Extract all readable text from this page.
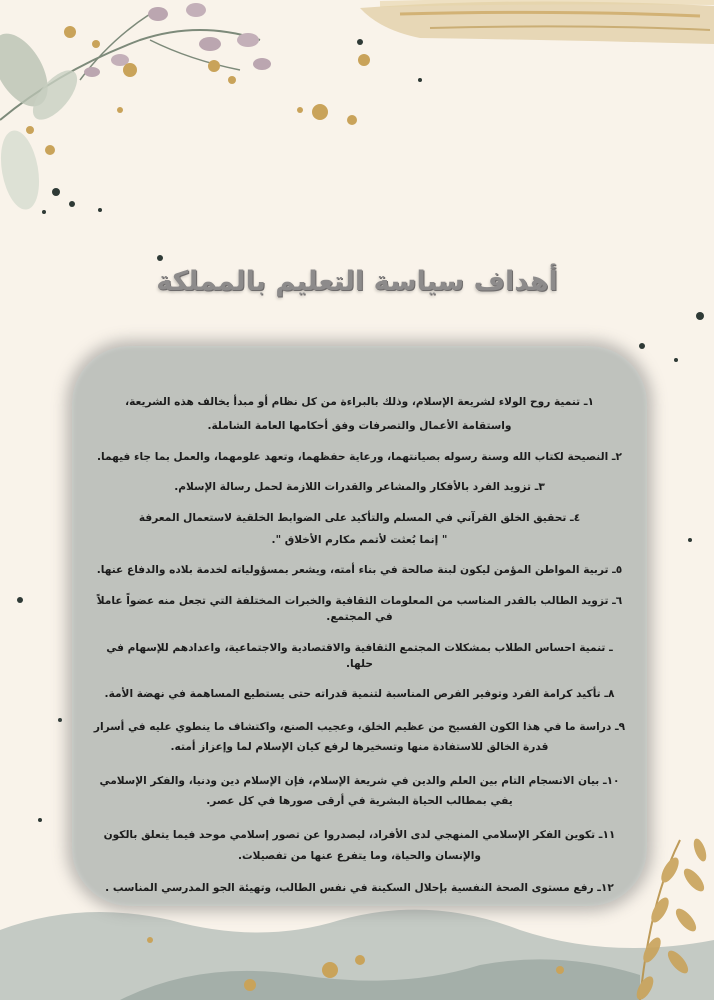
أهداف سياسة التعليم بالمملكة

١ـ تنمية روح الولاء لشريعة الإسلام، وذلك بالبراءة من كل نظام أو مبدأ يخالف هذه الشريعة،

واستقامة الأعمال والتصرفات وفق أحكامها العامة الشاملة.

٢ـ النصيحة لكتاب الله وسنة رسوله بصيانتهما، ورعاية حفظهما، وتعهد علومهما، والعمل بما جاء فيهما.

٣ـ تزويد الفرد بالأفكار والمشاعر والقدرات اللازمة لحمل رسالة الإسلام.

٤ـ تحقيق الخلق القرآني في المسلم والتأكيد على الضوابط الخلقية لاستعمال المعرفة

" إنما بُعثت لأتمم مكارم الأخلاق ".

٥ـ تربية المواطن المؤمن ليكون لبنة صالحة في بناء أمته، ويشعر بمسؤولياته لخدمة بلاده والدفاع عنها.

٦ـ تزويد الطالب بالقدر المناسب من المعلومات الثقافية والخبرات المختلفة التي تجعل منه عضواً عاملاً في المجتمع.

ـ تنمية احساس الطلاب بمشكلات المجتمع الثقافية والاقتصادية والاجتماعية، واعدادهم للإسهام في حلها.

٨ـ تأكيد كرامة الفرد وتوفير الفرص المناسبة لتنمية قدراته حتى يستطيع المساهمة في نهضة الأمة.

٩ـ دراسة ما في هذا الكون الفسيح من عظيم الخلق، وعجيب الصنع، واكتشاف ما ينطوي عليه في أسرار قدرة الخالق للاستفادة منها وتسخيرها لرفع كيان الإسلام لما وإعزاز أمته.

١٠ـ بيان الانسجام التام بين العلم والدين في شريعة الإسلام، فإن الإسلام دين ودنيا، والفكر الإسلامي يفي بمطالب الحياة البشرية في أرقى صورها في كل عصر.

١١ـ تكوين الفكر الإسلامي المنهجي لدى الأفراد، ليصدروا عن تصور إسلامي موحد فيما يتعلق بالكون والإنسان والحياة، وما يتفرع عنها من تفصيلات.

١٢ـ رفع مستوى الصحة النفسية بإحلال السكينة في نفس الطالب، وتهيئة الجو المدرسي المناسب .
